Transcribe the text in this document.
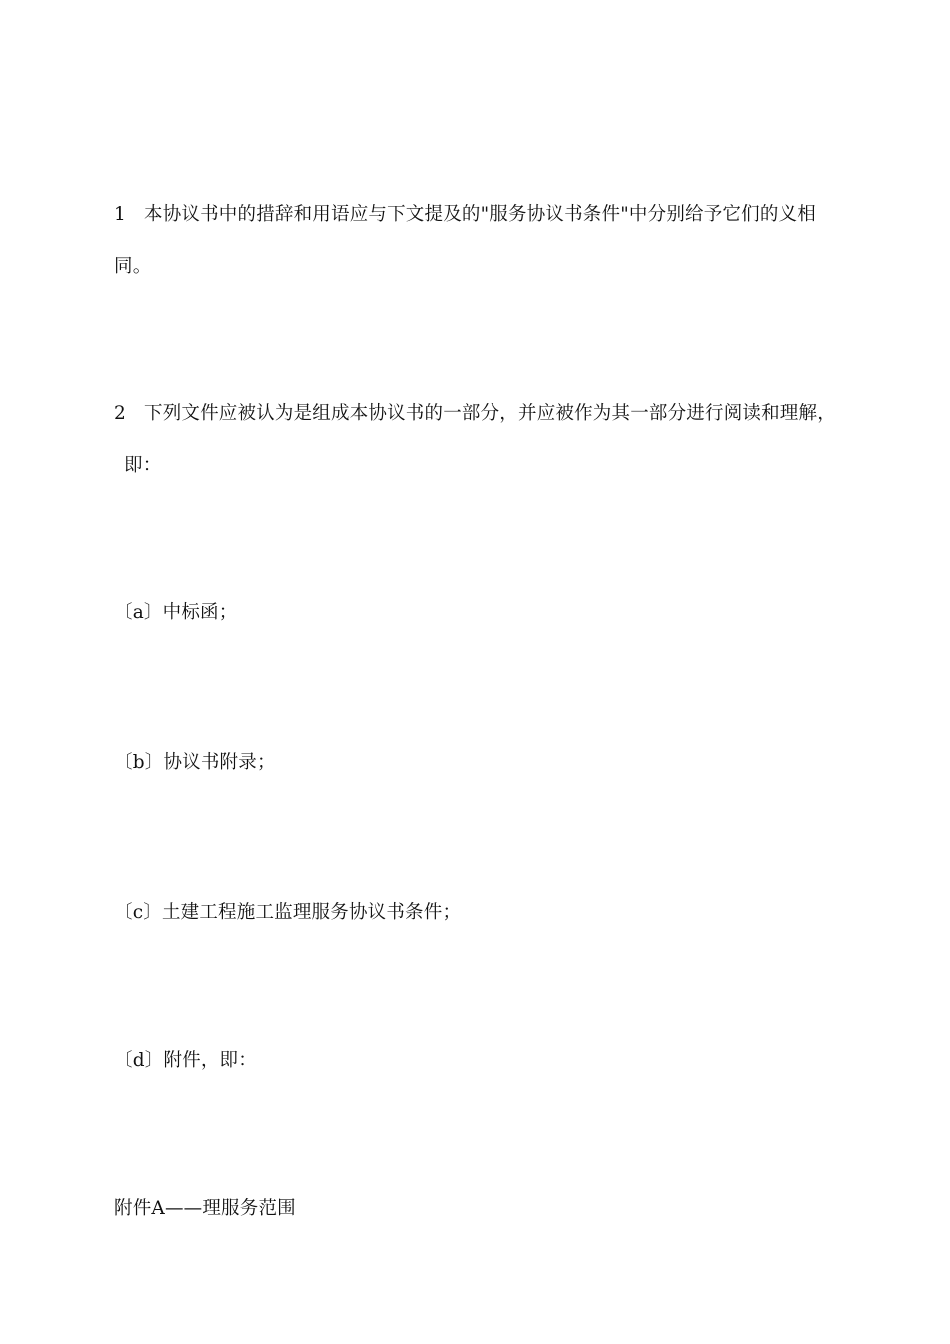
1 本协议书中的措辞和用语应与下文提及的"服务协议书条件"中分别给予它们的义相
同。
2 下列文件应被认为是组成本协议书的一部分，并应被作为其一部分进行阅读和理解，
即：
〔a〕中标函；
〔b〕协议书附录；
〔c〕土建工程施工监理服务协议书条件；
〔d〕附件，即：
附件A——理服务范围
